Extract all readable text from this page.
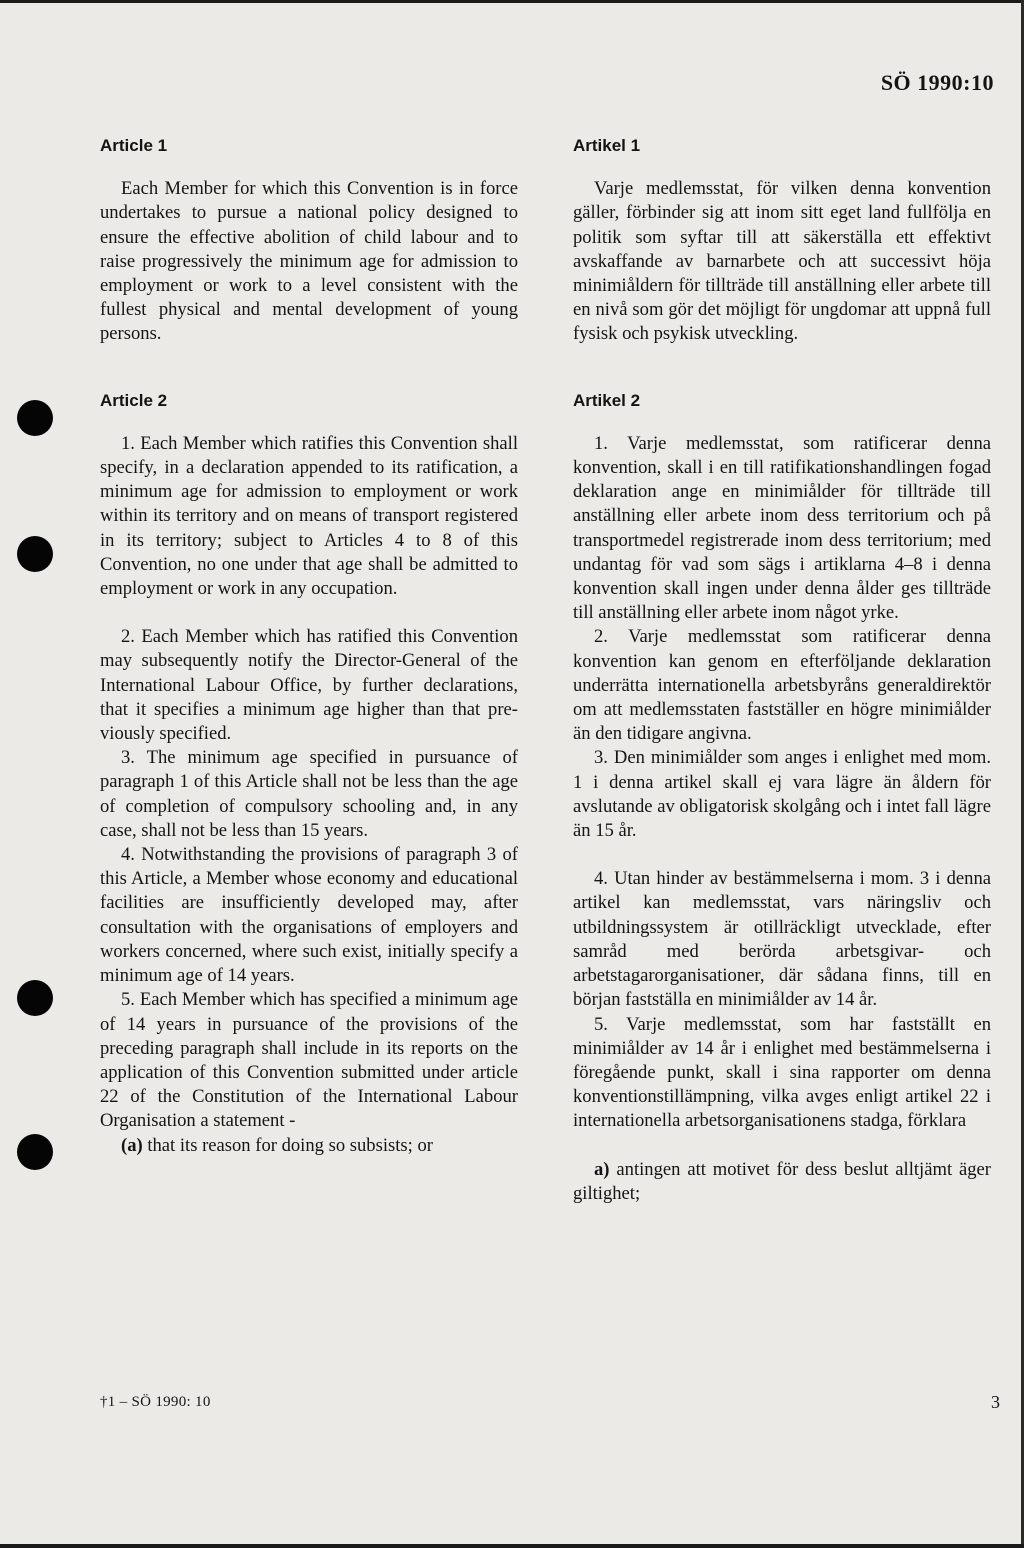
SÖ 1990:10
Article 1

Each Member for which this Convention is in force undertakes to pursue a national policy designed to ensure the effective abolition of child labour and to raise progressively the minimum age for admission to employment or work to a level consistent with the fullest physical and mental development of young persons.

Article 2

1. Each Member which ratifies this Convention shall specify, in a declaration appended to its ratification, a minimum age for admission to employment or work within its territory and on means of transport registered in its territory; subject to Articles 4 to 8 of this Convention, no one under that age shall be admitted to employment or work in any occupation.

2. Each Member which has ratified this Convention may subsequently notify the Director-General of the International Labour Office, by further declarations, that it specifies a minimum age higher than that previously specified.

3. The minimum age specified in pursuance of paragraph 1 of this Article shall not be less than the age of completion of compulsory schooling and, in any case, shall not be less than 15 years.

4. Notwithstanding the provisions of paragraph 3 of this Article, a Member whose economy and educational facilities are insufficiently developed may, after consultation with the organisations of employers and workers concerned, where such exist, initially specify a minimum age of 14 years.

5. Each Member which has specified a minimum age of 14 years in pursuance of the provisions of the preceding paragraph shall include in its reports on the application of this Convention submitted under article 22 of the Constitution of the International Labour Organisation a statement -

(a) that its reason for doing so subsists; or

Artikel 1

Varje medlemsstat, för vilken denna konvention gäller, förbinder sig att inom sitt eget land fullfölja en politik som syftar till att säkerställa ett effektivt avskaffande av barnarbete och att successivt höja minimiåldern för tillträde till anställning eller arbete till en nivå som gör det möjligt för ungdomar att uppnå full fysisk och psykisk utveckling.

Artikel 2

1. Varje medlemsstat, som ratificerar denna konvention, skall i en till ratifikationshandlingen fogad deklaration ange en minimiålder för tillträde till anställning eller arbete inom dess territorium och på transportmedel registrerade inom dess territorium; med undantag för vad som sägs i artiklarna 4–8 i denna konvention skall ingen under denna ålder ges tillträde till anställning eller arbete inom något yrke.

2. Varje medlemsstat som ratificerar denna konvention kan genom en efterföljande deklaration underrätta internationella arbetsbyråns generaldirektör om att medlemsstaten fastställer en högre minimiålder än den tidigare angivna.

3. Den minimiålder som anges i enlighet med mom. 1 i denna artikel skall ej vara lägre än åldern för avslutande av obligatorisk skolgång och i intet fall lägre än 15 år.

4. Utan hinder av bestämmelserna i mom. 3 i denna artikel kan medlemsstat, vars näringsliv och utbildningssystem är otillräckligt utvecklade, efter samråd med berörda arbetsgivar- och arbetstagarorganisationer, där sådana finns, till en början fastställa en minimiålder av 14 år.

5. Varje medlemsstat, som har fastställt en minimiålder av 14 år i enlighet med bestämmelserna i föregående punkt, skall i sina rapporter om denna konventionstillämpning, vilka avges enligt artikel 22 i internationella arbetsorganisationens stadga, förklara

a) antingen att motivet för dess beslut alltjämt äger giltighet;

†1 – SÖ 1990: 10	3
